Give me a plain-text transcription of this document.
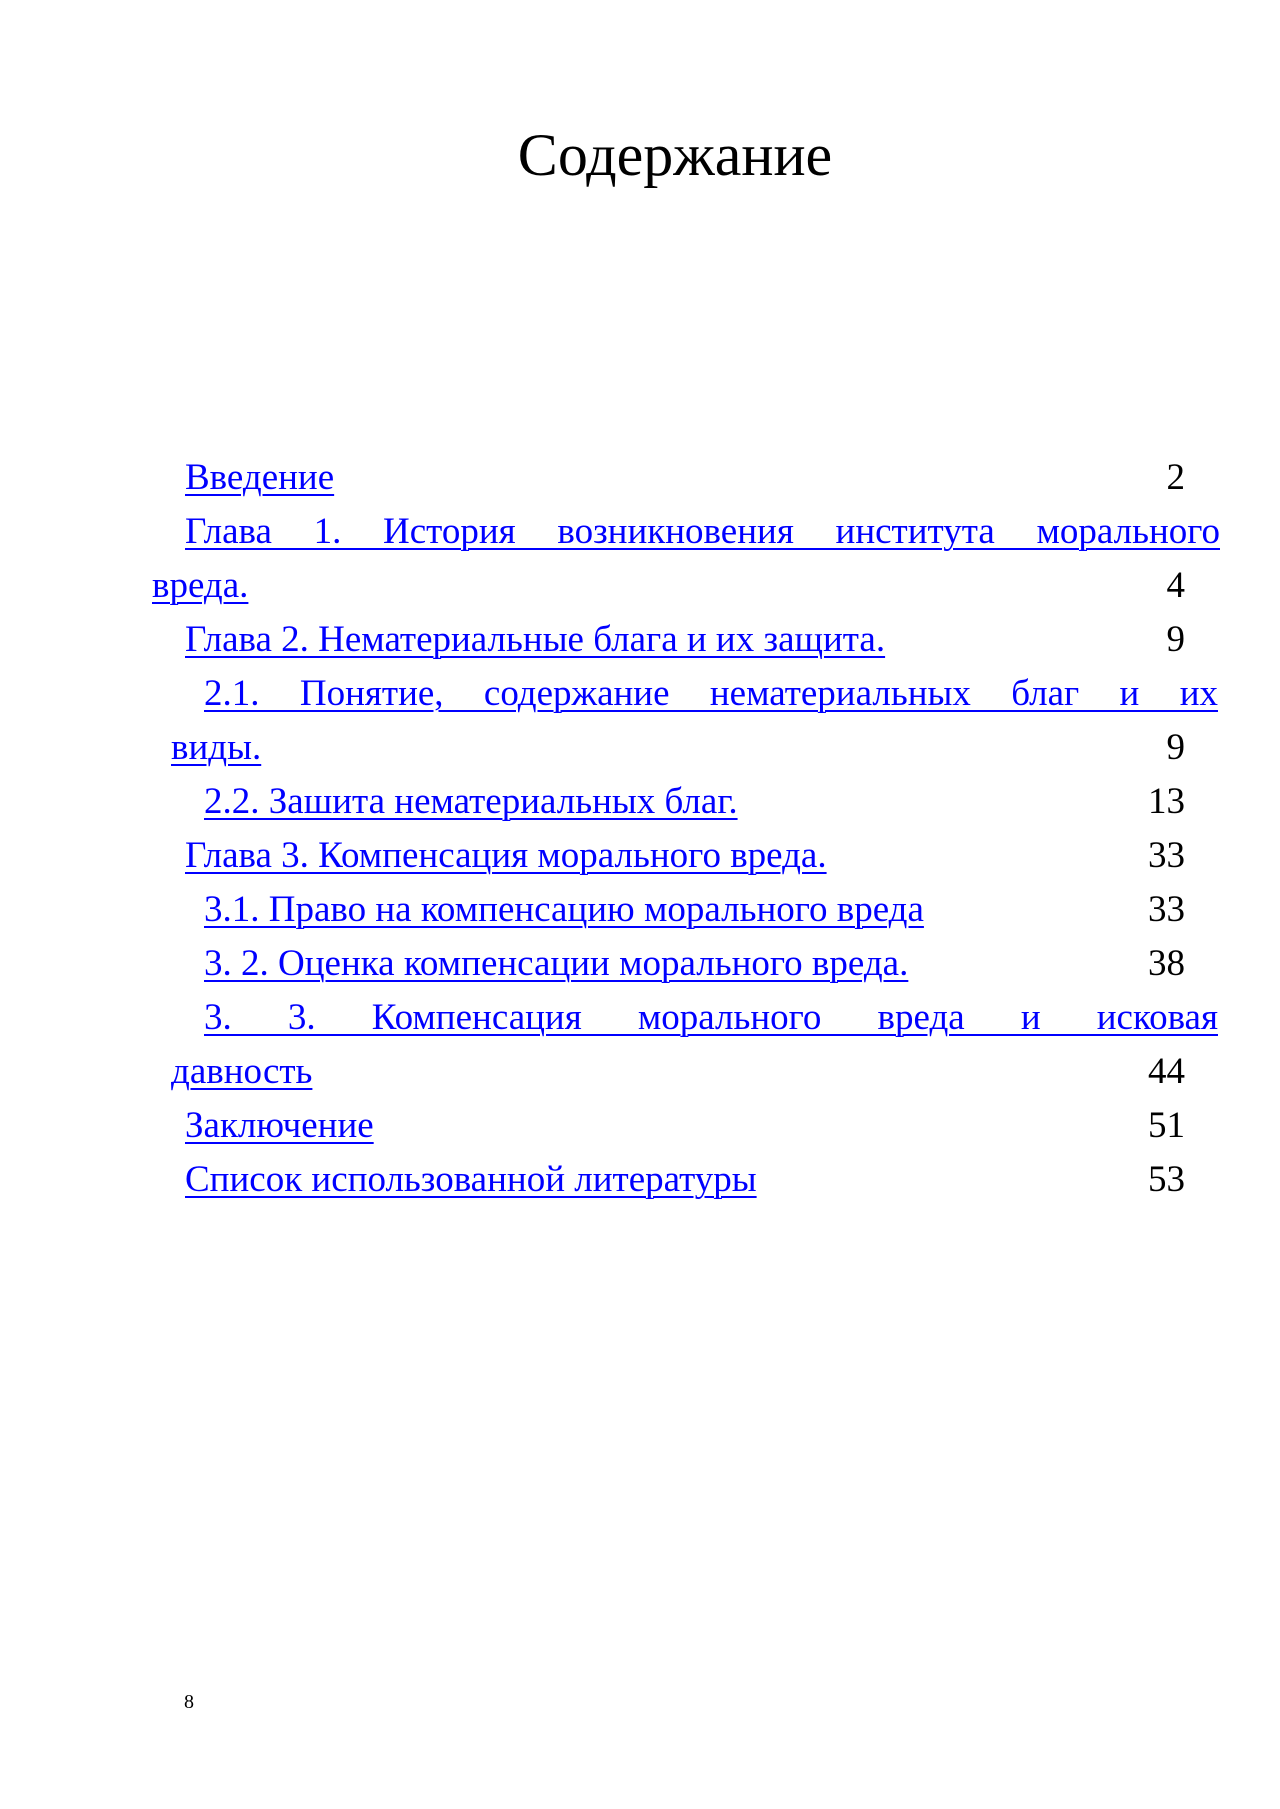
Содержание
Введение	2
Глава 1. История возникновения института морального
вреда.	4
Глава 2. Нематериальные блага и их защита.	9
2.1. Понятие, содержание нематериальных благ и их
виды.	9
2.2. Зашита нематериальных благ.	13
Глава 3. Компенсация морального вреда.	33
3.1. Право на компенсацию морального вреда	33
3. 2. Оценка компенсации морального вреда.	38
3. 3. Компенсация морального вреда и исковая
давность	44
Заключение	51
Список использованной литературы	53
8
